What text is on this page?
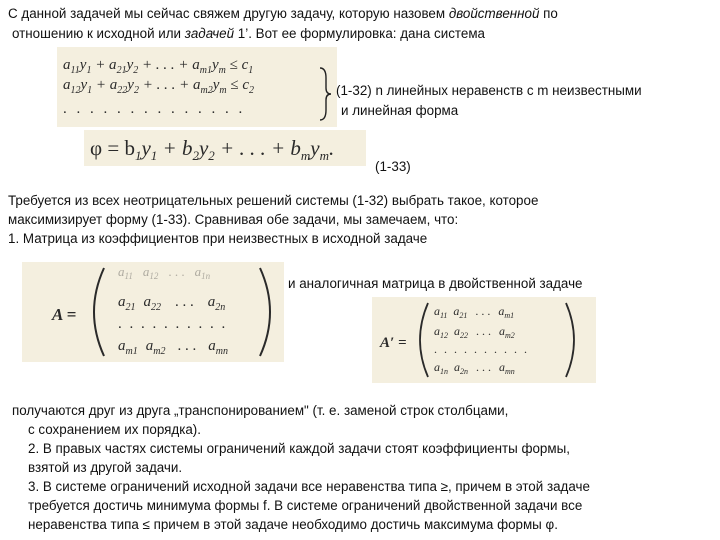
С данной задачей мы сейчас свяжем другую задачу, которую назовем двойственной по
отношению к исходной или задачей 1’. Вот ее формулировка: дана система
$a_{11}y_1 + a_{21}y_2$ + . . . + $a_{m1}y_m \le c_1$
$a_{12}y_1 + a_{22}y_2$ + . . . + $a_{m2}y_m \le c_2$
. . . . . . . . . . . . . .
(1-32) n линейных неравенств с m неизвестными
и линейная форма
$\varphi = b_1y_1 + b_2y_2$ + . . . + $b_my_m$.
(1-33)
Требуется из всех неотрицательных решений системы (1-32) выбрать такое, которое
максимизирует форму (1-33). Сравнивая обе задачи, мы замечаем, что:
1. Матрица из коэффициентов при неизвестных в исходной задаче
A =
$a_{11}$ $a_{12}$ . . . $a_{1n}$
$a_{21}$ $a_{22}$ . . . $a_{2n}$
. . . . . . . . . .
$a_{m1}$ $a_{m2}$ . . . $a_{mn}$
и аналогичная матрица в двойственной задаче
A′ =
$a_{11}$ $a_{21}$ . . . $a_{m1}$
$a_{12}$ $a_{22}$ . . . $a_{m2}$
. . . . . . . . . .
$a_{1n}$ $a_{2n}$ . . . $a_{mn}$
получаются друг из друга „транспонированием" (т. е. заменой строк столбцами,
с сохранением их порядка).
2. В правых частях системы ограничений каждой задачи стоят коэффициенты формы,
взятой из другой задачи.
3. В системе ограничений исходной задачи все неравенства типа ≥, причем в этой задаче
требуется достичь минимума формы f. В системе ограничений двойственной задачи все
неравенства типа ≤ причем в этой задаче необходимо достичь максимума формы φ.
